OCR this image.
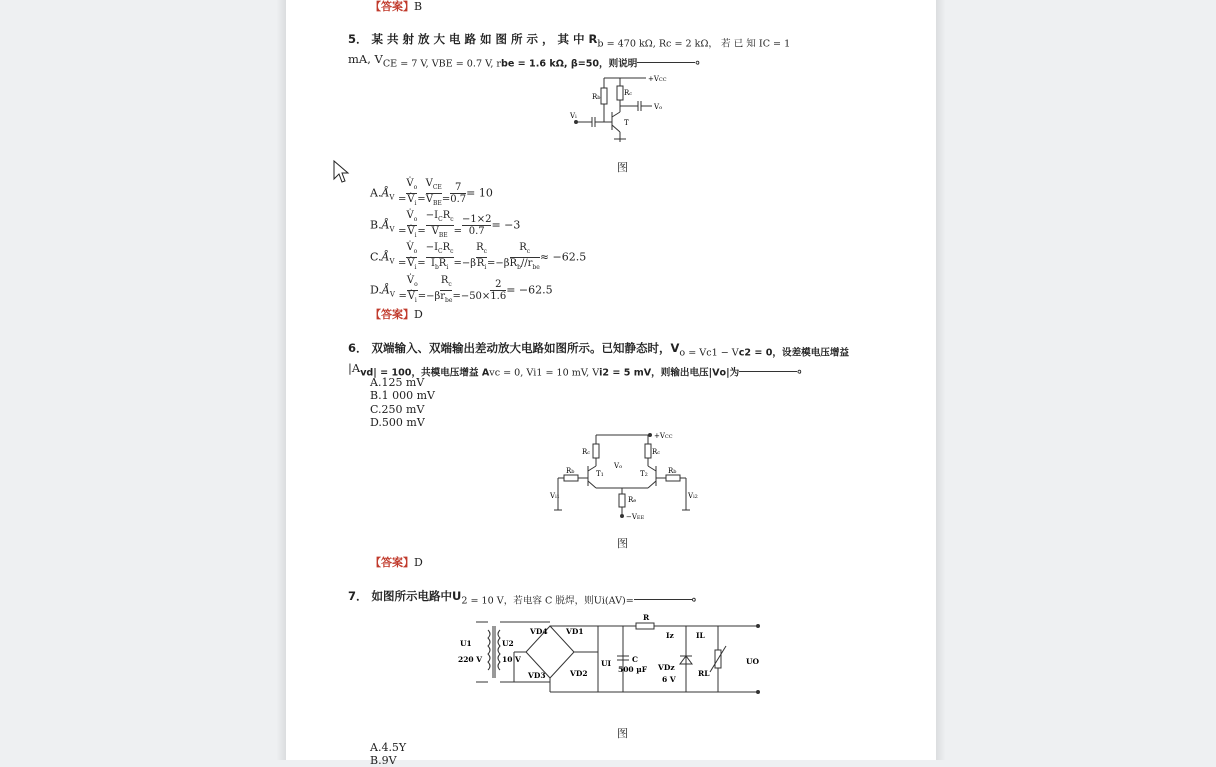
【答案】B
5． 某 共 射 放 大 电 路 如 图 所 示 ， 其 中 $R_{b = 470 k\Omega, Rc = 2 k\Omega, 若 已 知 IC = 1}$
mA, $V_{CE = 7 V, VBE = 0.7 V, rbe = 1.6 k\Omega, \beta=50,则说明}$	。
+VCC
Rb
Rc
Vi
Vo
T
图
$A.Å_V = \frac{V̇_o}{V̇_i}$ =
$V_{CE}$
$V_{BE} = \frac{7}{0.7} = 10$
$B.Å_V = \frac{V̇_o}{V̇_i}$ =
$-I_CR_c$
$V_{BE} = \frac{-1\times 2}{0.7} = -3$
$C.Å_V = \frac{V̇_o}{V̇_i}$ =
$-I_CR_c$
$I_bR_i =-\beta \frac{R_c}{R_i} =-\beta$
$R_c$
$R_b//r_{be}$
≈ −62.5
$D.Å_V = \frac{V̇_o}{V̇_i} =-\beta$
$R_c$
$r_{be} =-50\times \frac{2}{1.6} = -62.5$
【答案】D
6． 双端输入、双端输出差动放大电路如图所示。已知静态时，$V_{o = Vc1 - Vc2 = 0,设差模电压增益}$
$|A_{vd| = 100,共模电压增益 Avc = 0, Vi1 = 10 mV, Vi2 = 5 mV,则输出电压|Vo|为}$	。
A.125 mV
B.1 000 mV
C.250 mV
D.500 mV
+VCC
Rc	Rc
Rb	Rb
T1	T2
Re
−VEE
Vo
Vi1	Vi2
图
【答案】D
7． 如图所示电路中$U_{2 = 10 V,若电容 C 脱焊,则Ui(AV)=}$	。
U1
220 V
U2
10 V
VD4 VD1
VD3	VD2
UI	C
500 µF
R
Iz	IL
VDz
6 V
RL
UO
图
A.4.5Y
B.9V
